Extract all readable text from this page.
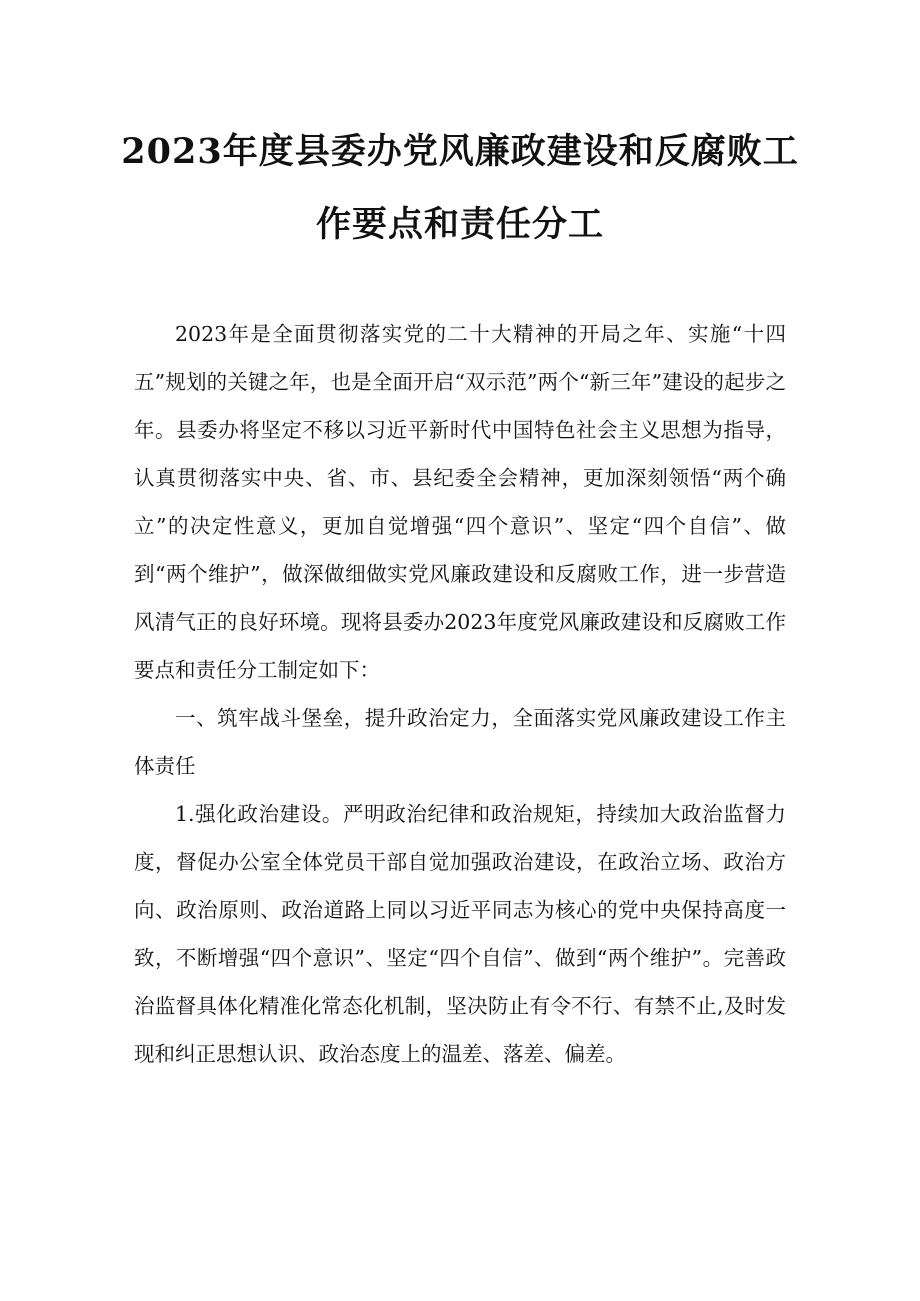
2023年度县委办党风廉政建设和反腐败工
作要点和责任分工

2023年是全面贯彻落实党的二十大精神的开局之年、实施“十四五”规划的关键之年，也是全面开启“双示范”两个“新三年”建设的起步之年。县委办将坚定不移以习近平新时代中国特色社会主义思想为指导，认真贯彻落实中央、省、市、县纪委全会精神，更加深刻领悟“两个确立”的决定性意义，更加自觉增强“四个意识”、坚定“四个自信”、做到“两个维护”，做深做细做实党风廉政建设和反腐败工作，进一步营造风清气正的良好环境。现将县委办2023年度党风廉政建设和反腐败工作要点和责任分工制定如下：

一、筑牢战斗堡垒，提升政治定力，全面落实党风廉政建设工作主体责任

1.强化政治建设。严明政治纪律和政治规矩，持续加大政治监督力度，督促办公室全体党员干部自觉加强政治建设，在政治立场、政治方向、政治原则、政治道路上同以习近平同志为核心的党中央保持高度一致，不断增强“四个意识”、坚定“四个自信”、做到“两个维护”。完善政治监督具体化精准化常态化机制，坚决防止有令不行、有禁不止,及时发现和纠正思想认识、政治态度上的温差、落差、偏差。
